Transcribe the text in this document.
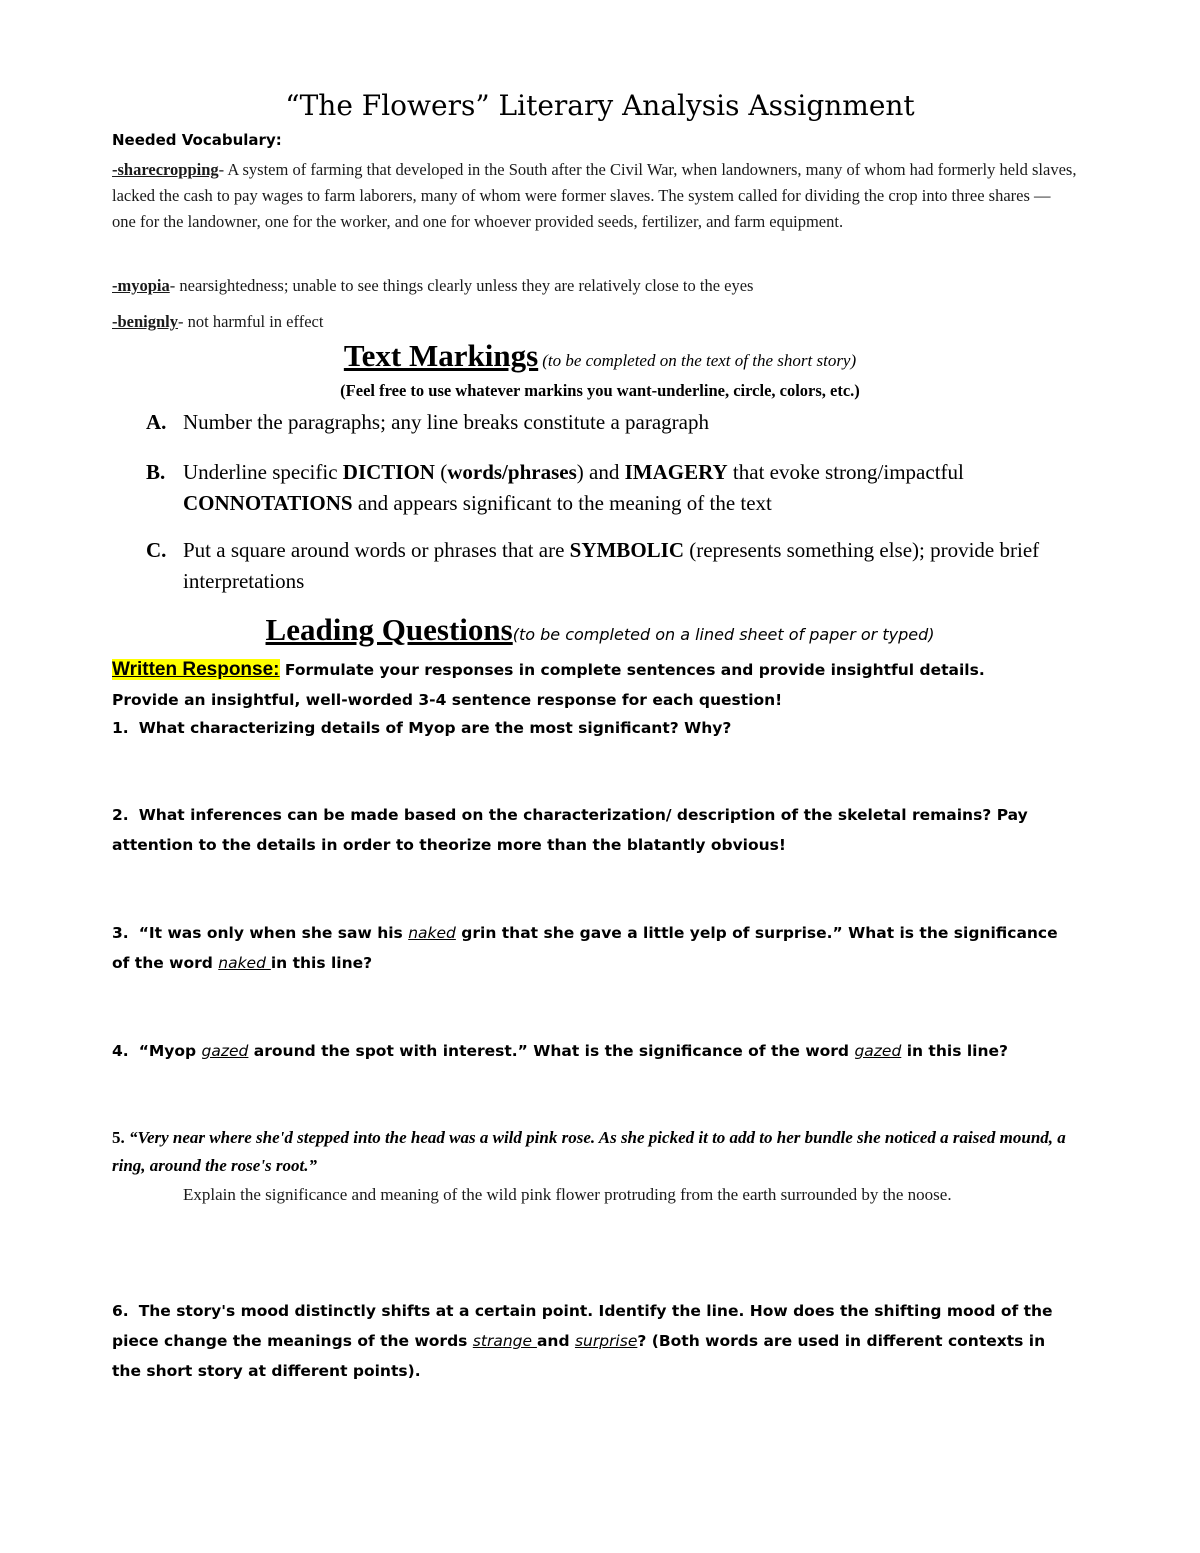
“The Flowers” Literary Analysis Assignment
Needed Vocabulary:
-sharecropping- A system of farming that developed in the South after the Civil War, when landowners, many of whom had formerly held slaves, lacked the cash to pay wages to farm laborers, many of whom were former slaves. The system called for dividing the crop into three shares — one for the landowner, one for the worker, and one for whoever provided seeds, fertilizer, and farm equipment.
-myopia- nearsightedness; unable to see things clearly unless they are relatively close to the eyes
-benignly- not harmful in effect
Text Markings (to be completed on the text of the short story)
(Feel free to use whatever markins you want-underline, circle, colors, etc.)
A. Number the paragraphs; any line breaks constitute a paragraph
B. Underline specific DICTION (words/phrases) and IMAGERY that evoke strong/impactful CONNOTATIONS and appears significant to the meaning of the text
C. Put a square around words or phrases that are SYMBOLIC (represents something else); provide brief interpretations
Leading Questions(to be completed on a lined sheet of paper or typed)
Written Response: Formulate your responses in complete sentences and provide insightful details.
Provide an insightful, well-worded 3-4 sentence response for each question!
1. What characterizing details of Myop are the most significant? Why?
2. What inferences can be made based on the characterization/ description of the skeletal remains? Pay attention to the details in order to theorize more than the blatantly obvious!
3. “It was only when she saw his naked grin that she gave a little yelp of surprise.” What is the significance of the word naked in this line?
4. “Myop gazed around the spot with interest.” What is the significance of the word gazed in this line?
5. “Very near where she'd stepped into the head was a wild pink rose. As she picked it to add to her bundle she noticed a raised mound, a ring, around the rose's root.”
Explain the significance and meaning of the wild pink flower protruding from the earth surrounded by the noose.
6. The story's mood distinctly shifts at a certain point. Identify the line. How does the shifting mood of the piece change the meanings of the words strange and surprise? (Both words are used in different contexts in the short story at different points).
